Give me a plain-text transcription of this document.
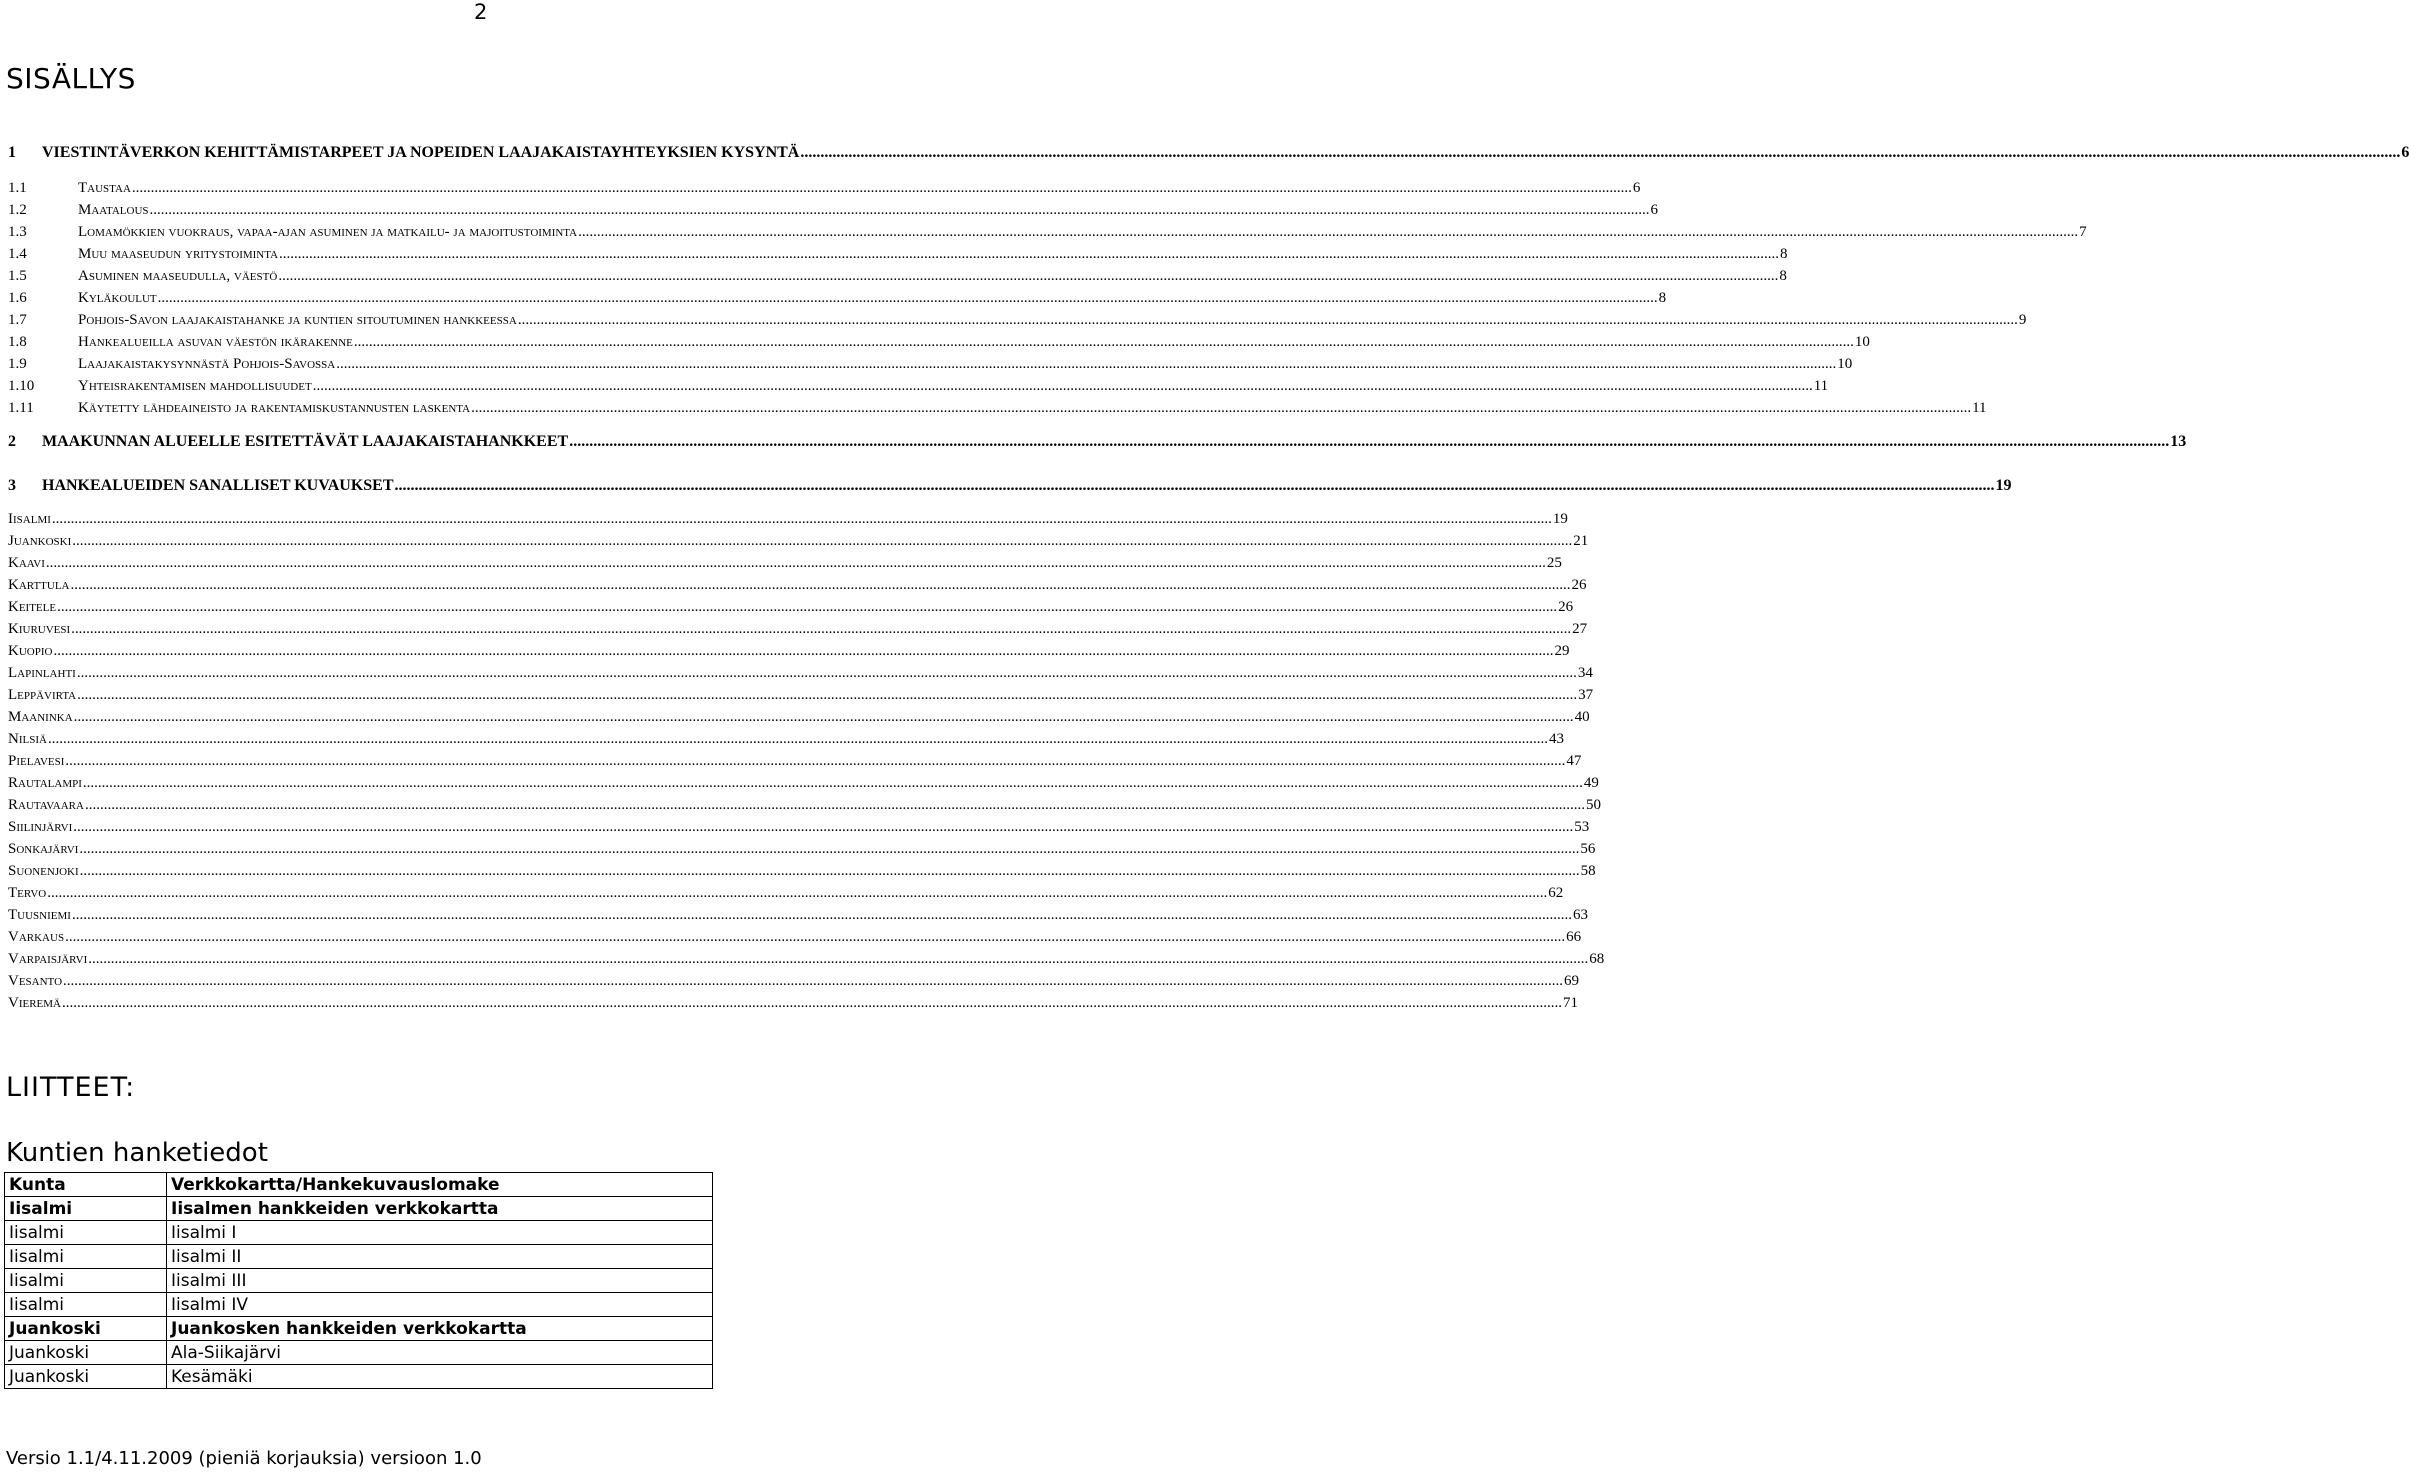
2
SISÄLLYS
1	VIESTINTÄVERKON KEHITTÄMISTARPEET JA NOPEIDEN LAAJAKAISTAYHTEYKSIEN KYSYNTÄ ................................................................................................................................................................................................................................................................................................................................................................................................................ 6
1.1	Taustaa ................................................................................................................................................................................................................................................................................................................................................................................................................ 6
1.2	Maatalous ................................................................................................................................................................................................................................................................................................................................................................................................................ 6
1.3	Lomamökkien vuokraus, vapaa-ajan asuminen ja matkailu- ja majoitustoiminta ................................................................................................................................................................................................................................................................................................................................................................................................................ 7
1.4	Muu maaseudun yritystoiminta ................................................................................................................................................................................................................................................................................................................................................................................................................ 8
1.5	Asuminen maaseudulla, väestö ................................................................................................................................................................................................................................................................................................................................................................................................................ 8
1.6	Kyläkoulut ................................................................................................................................................................................................................................................................................................................................................................................................................ 8
1.7	Pohjois-Savon laajakaistahanke ja kuntien sitoutuminen hankkeessa ................................................................................................................................................................................................................................................................................................................................................................................................................ 9
1.8	Hankealueilla asuvan väestön ikärakenne ................................................................................................................................................................................................................................................................................................................................................................................................................ 10
1.9	Laajakaistakysynnästä Pohjois-Savossa ................................................................................................................................................................................................................................................................................................................................................................................................................ 10
1.10	Yhteisrakentamisen mahdollisuudet ................................................................................................................................................................................................................................................................................................................................................................................................................ 11
1.11	Käytetty lähdeaineisto ja rakentamiskustannusten laskenta ................................................................................................................................................................................................................................................................................................................................................................................................................ 11
2	MAAKUNNAN ALUEELLE ESITETTÄVÄT LAAJAKAISTAHANKKEET ................................................................................................................................................................................................................................................................................................................................................................................................................ 13
3	HANKEALUEIDEN SANALLISET KUVAUKSET ................................................................................................................................................................................................................................................................................................................................................................................................................ 19
Iisalmi ................................................................................................................................................................................................................................................................................................................................................................................................................ 19
Juankoski ................................................................................................................................................................................................................................................................................................................................................................................................................ 21
Kaavi ................................................................................................................................................................................................................................................................................................................................................................................................................ 25
Karttula ................................................................................................................................................................................................................................................................................................................................................................................................................ 26
Keitele ................................................................................................................................................................................................................................................................................................................................................................................................................ 26
Kiuruvesi ................................................................................................................................................................................................................................................................................................................................................................................................................ 27
Kuopio ................................................................................................................................................................................................................................................................................................................................................................................................................ 29
Lapinlahti ................................................................................................................................................................................................................................................................................................................................................................................................................ 34
Leppävirta ................................................................................................................................................................................................................................................................................................................................................................................................................ 37
Maaninka ................................................................................................................................................................................................................................................................................................................................................................................................................ 40
Nilsiä ................................................................................................................................................................................................................................................................................................................................................................................................................ 43
Pielavesi ................................................................................................................................................................................................................................................................................................................................................................................................................ 47
Rautalampi ................................................................................................................................................................................................................................................................................................................................................................................................................ 49
Rautavaara ................................................................................................................................................................................................................................................................................................................................................................................................................ 50
Siilinjärvi ................................................................................................................................................................................................................................................................................................................................................................................................................ 53
Sonkajärvi ................................................................................................................................................................................................................................................................................................................................................................................................................ 56
Suonenjoki ................................................................................................................................................................................................................................................................................................................................................................................................................ 58
Tervo ................................................................................................................................................................................................................................................................................................................................................................................................................ 62
Tuusniemi ................................................................................................................................................................................................................................................................................................................................................................................................................ 63
Varkaus ................................................................................................................................................................................................................................................................................................................................................................................................................ 66
Varpaisjärvi ................................................................................................................................................................................................................................................................................................................................................................................................................ 68
Vesanto ................................................................................................................................................................................................................................................................................................................................................................................................................ 69
Vieremä ................................................................................................................................................................................................................................................................................................................................................................................................................ 71
LIITTEET:
Kuntien hanketiedot
Kunta	Verkkokartta/Hankekuvauslomake
Iisalmi	Iisalmen hankkeiden verkkokartta
Iisalmi	Iisalmi I
Iisalmi	Iisalmi II
Iisalmi	Iisalmi III
Iisalmi	Iisalmi IV
Juankoski	Juankosken hankkeiden verkkokartta
Juankoski	Ala-Siikajärvi
Juankoski	Kesämäki
Versio 1.1/4.11.2009 (pieniä korjauksia) versioon 1.0
